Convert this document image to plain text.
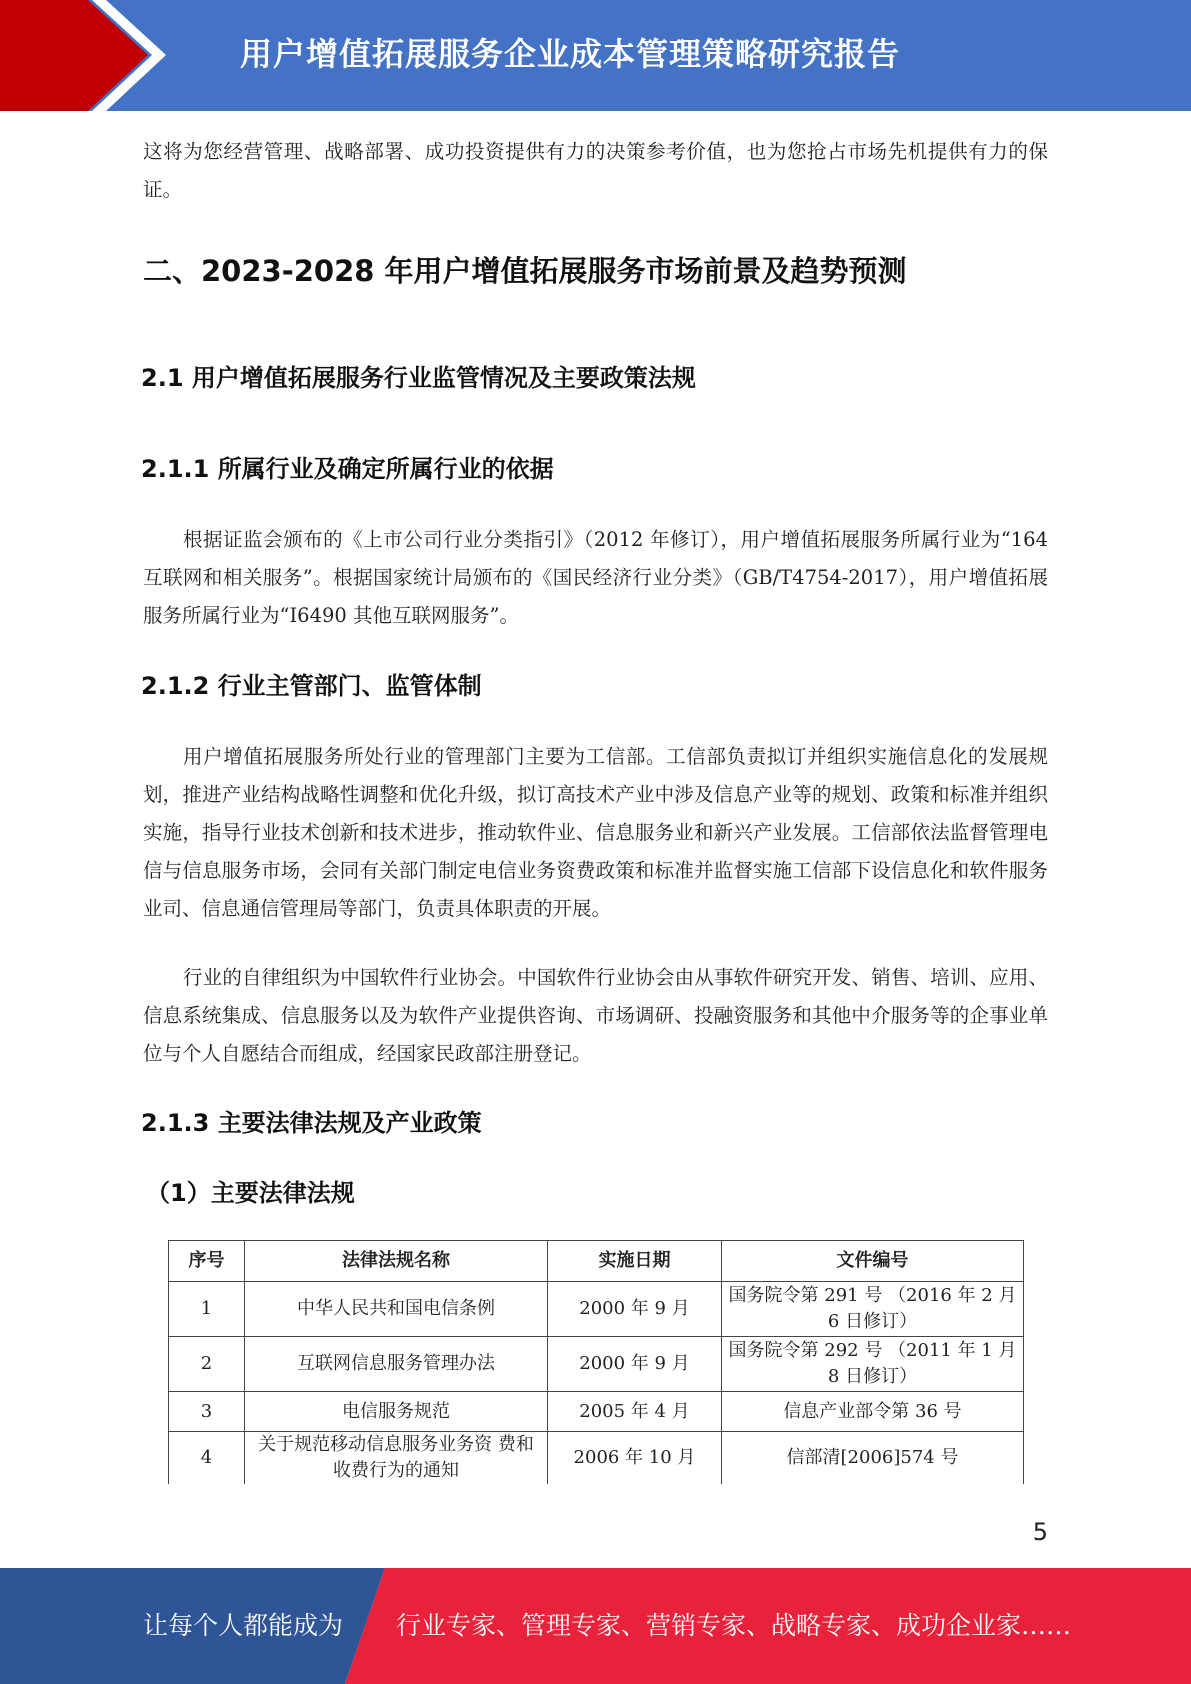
用户增值拓展服务企业成本管理策略研究报告

这将为您经营管理、战略部署、成功投资提供有力的决策参考价值，也为您抢占市场先机提供有力的保证。

二、2023-2028 年用户增值拓展服务市场前景及趋势预测
2.1 用户增值拓展服务行业监管情况及主要政策法规
2.1.1 所属行业及确定所属行业的依据

根据证监会颁布的《上市公司行业分类指引》（2012 年修订），用户增值拓展服务所属行业为“164 互联网和相关服务”。根据国家统计局颁布的《国民经济行业分类》（GB/T4754-2017），用户增值拓展服务所属行业为“I6490 其他互联网服务”。

2.1.2 行业主管部门、监管体制

用户增值拓展服务所处行业的管理部门主要为工信部。工信部负责拟订并组织实施信息化的发展规划，推进产业结构战略性调整和优化升级，拟订高技术产业中涉及信息产业等的规划、政策和标准并组织实施，指导行业技术创新和技术进步，推动软件业、信息服务业和新兴产业发展。工信部依法监督管理电信与信息服务市场，会同有关部门制定电信业务资费政策和标准并监督实施工信部下设信息化和软件服务业司、信息通信管理局等部门，负责具体职责的开展。

行业的自律组织为中国软件行业协会。中国软件行业协会由从事软件研究开发、销售、培训、应用、信息系统集成、信息服务以及为软件产业提供咨询、市场调研、投融资服务和其他中介服务等的企事业单位与个人自愿结合而组成，经国家民政部注册登记。

2.1.3 主要法律法规及产业政策
（1）主要法律法规
序号	法律法规名称	实施日期	文件编号
1	中华人民共和国电信条例	2000 年 9 月	国务院令第 291 号 （2016 年 2 月 6 日修订）
2	互联网信息服务管理办法	2000 年 9 月	国务院令第 292 号 （2011 年 1 月 8 日修订）
3	电信服务规范	2005 年 4 月	信息产业部令第 36 号
4	关于规范移动信息服务业务资 费和收费行为的通知	2006 年 10 月	信部清[2006]574 号
5
让每个人都能成为 行业专家、管理专家、营销专家、战略专家、成功企业家……
